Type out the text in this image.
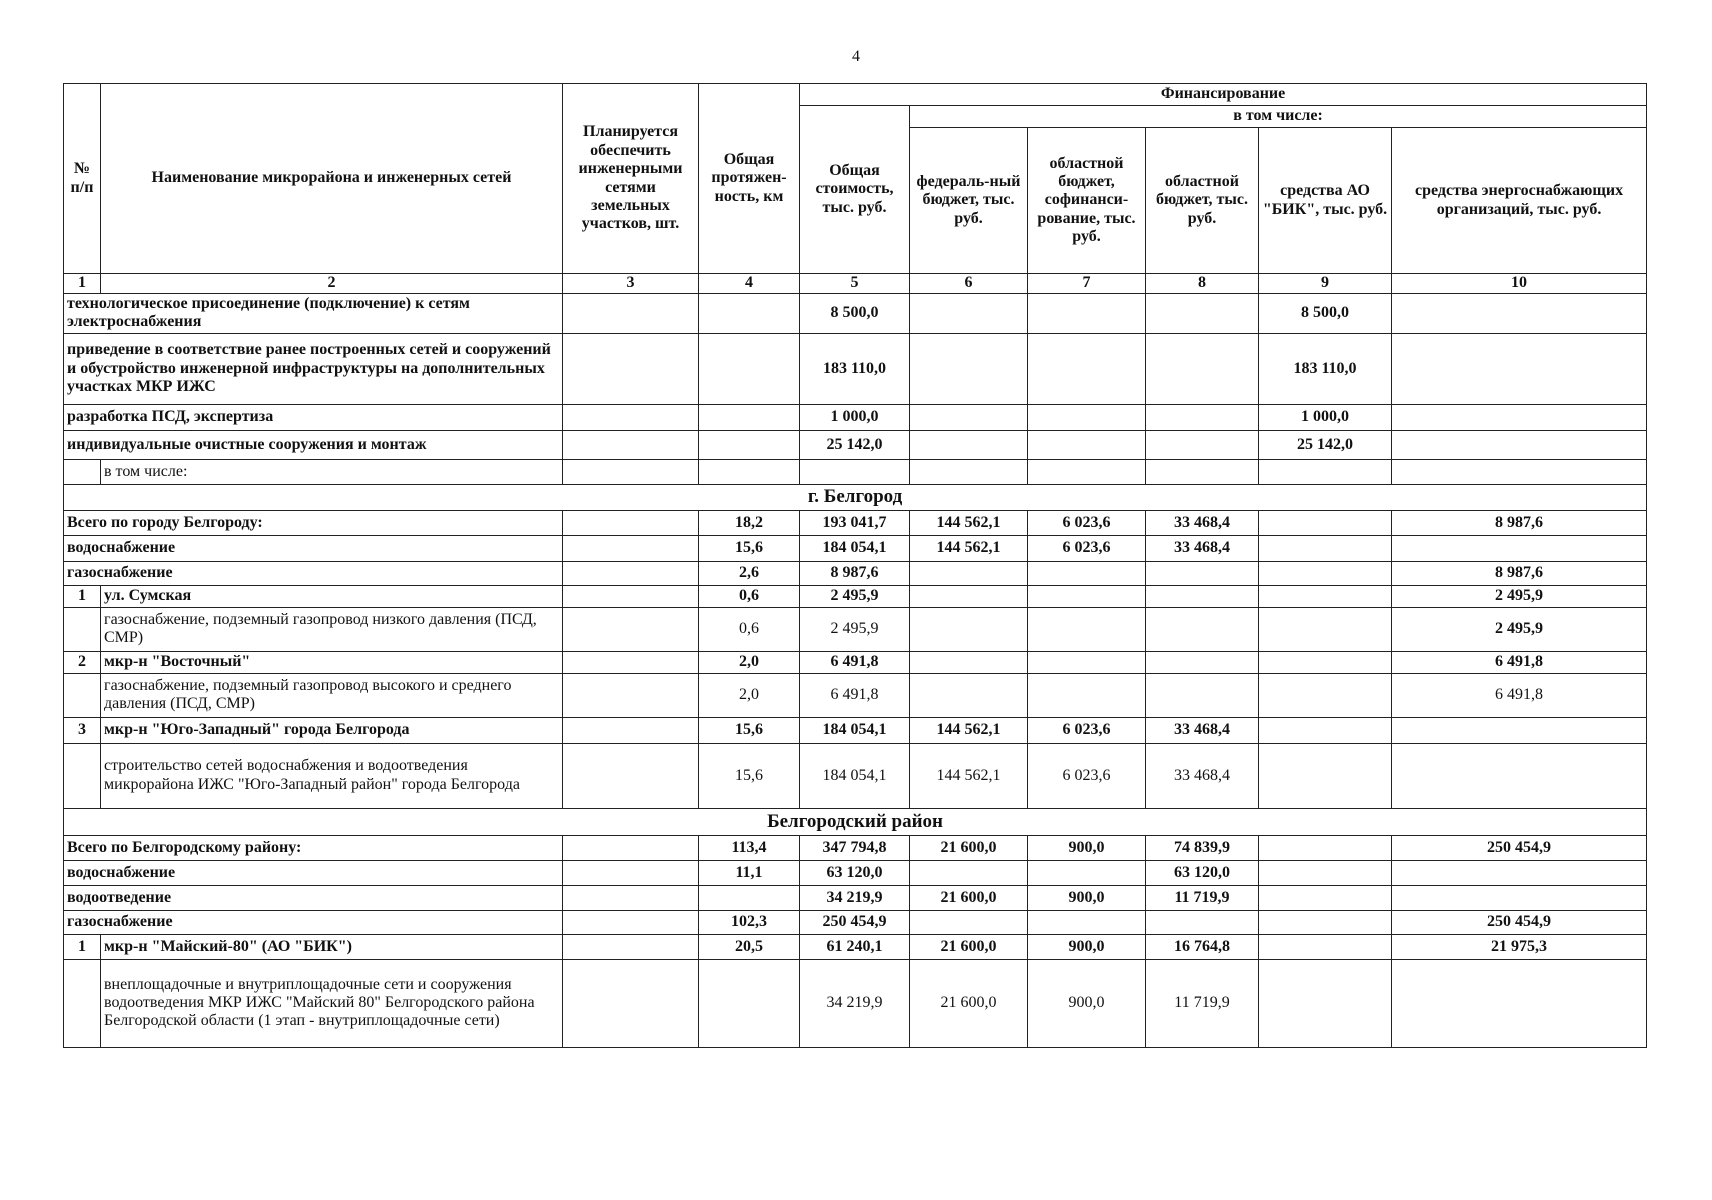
4
№ п/п	Наименование микрорайона и инженерных сетей	Планируется обеспечить инженерными сетями земельных участков, шт.	Общая протяжен-ность, км	Финансирование					
				Общая стоимость, тыс. руб.	в том числе:				
					федераль-ный бюджет, тыс. руб.	областной бюджет, софинанси-рование, тыс. руб.	областной бюджет, тыс. руб.	средства АО "БИК", тыс. руб.	средства энергоснабжающих организаций, тыс. руб.
1	2	3	4	5	6	7	8	9	10
технологическое присоединение (подключение) к сетям электроснабжения				8 500,0				8 500,0	
приведение в соответствие ранее построенных сетей и сооружений и обустройство инженерной инфраструктуры на дополнительных участках МКР ИЖС				183 110,0				183 110,0	
разработка ПСД, экспертиза				1 000,0				1 000,0	
индивидуальные очистные сооружения и монтаж				25 142,0				25 142,0	
	в том числе:								
г. Белгород									
Всего по городу Белгороду:			18,2	193 041,7	144 562,1	6 023,6	33 468,4		8 987,6
водоснабжение			15,6	184 054,1	144 562,1	6 023,6	33 468,4		
газоснабжение			2,6	8 987,6					8 987,6
1	ул. Сумская		0,6	2 495,9					2 495,9
	газоснабжение, подземный газопровод низкого давления (ПСД, СМР)		0,6	2 495,9					2 495,9
2	мкр-н "Восточный"		2,0	6 491,8					6 491,8
	газоснабжение, подземный газопровод высокого и среднего давления (ПСД, СМР)		2,0	6 491,8					6 491,8
3	мкр-н "Юго-Западный" города Белгорода		15,6	184 054,1	144 562,1	6 023,6	33 468,4		
	строительство сетей водоснабжения и водоотведения микрорайона ИЖС "Юго-Западный район" города Белгорода		15,6	184 054,1	144 562,1	6 023,6	33 468,4		
Белгородский район									
Всего по Белгородскому району:			113,4	347 794,8	21 600,0	900,0	74 839,9		250 454,9
водоснабжение			11,1	63 120,0			63 120,0		
водоотведение				34 219,9	21 600,0	900,0	11 719,9		
газоснабжение			102,3	250 454,9					250 454,9
1	мкр-н "Майский-80" (АО "БИК")		20,5	61 240,1	21 600,0	900,0	16 764,8		21 975,3
	внеплощадочные и внутриплощадочные сети и сооружения водоотведения МКР ИЖС "Майский 80" Белгородского района Белгородской области (1 этап - внутриплощадочные сети)			34 219,9	21 600,0	900,0	11 719,9		
